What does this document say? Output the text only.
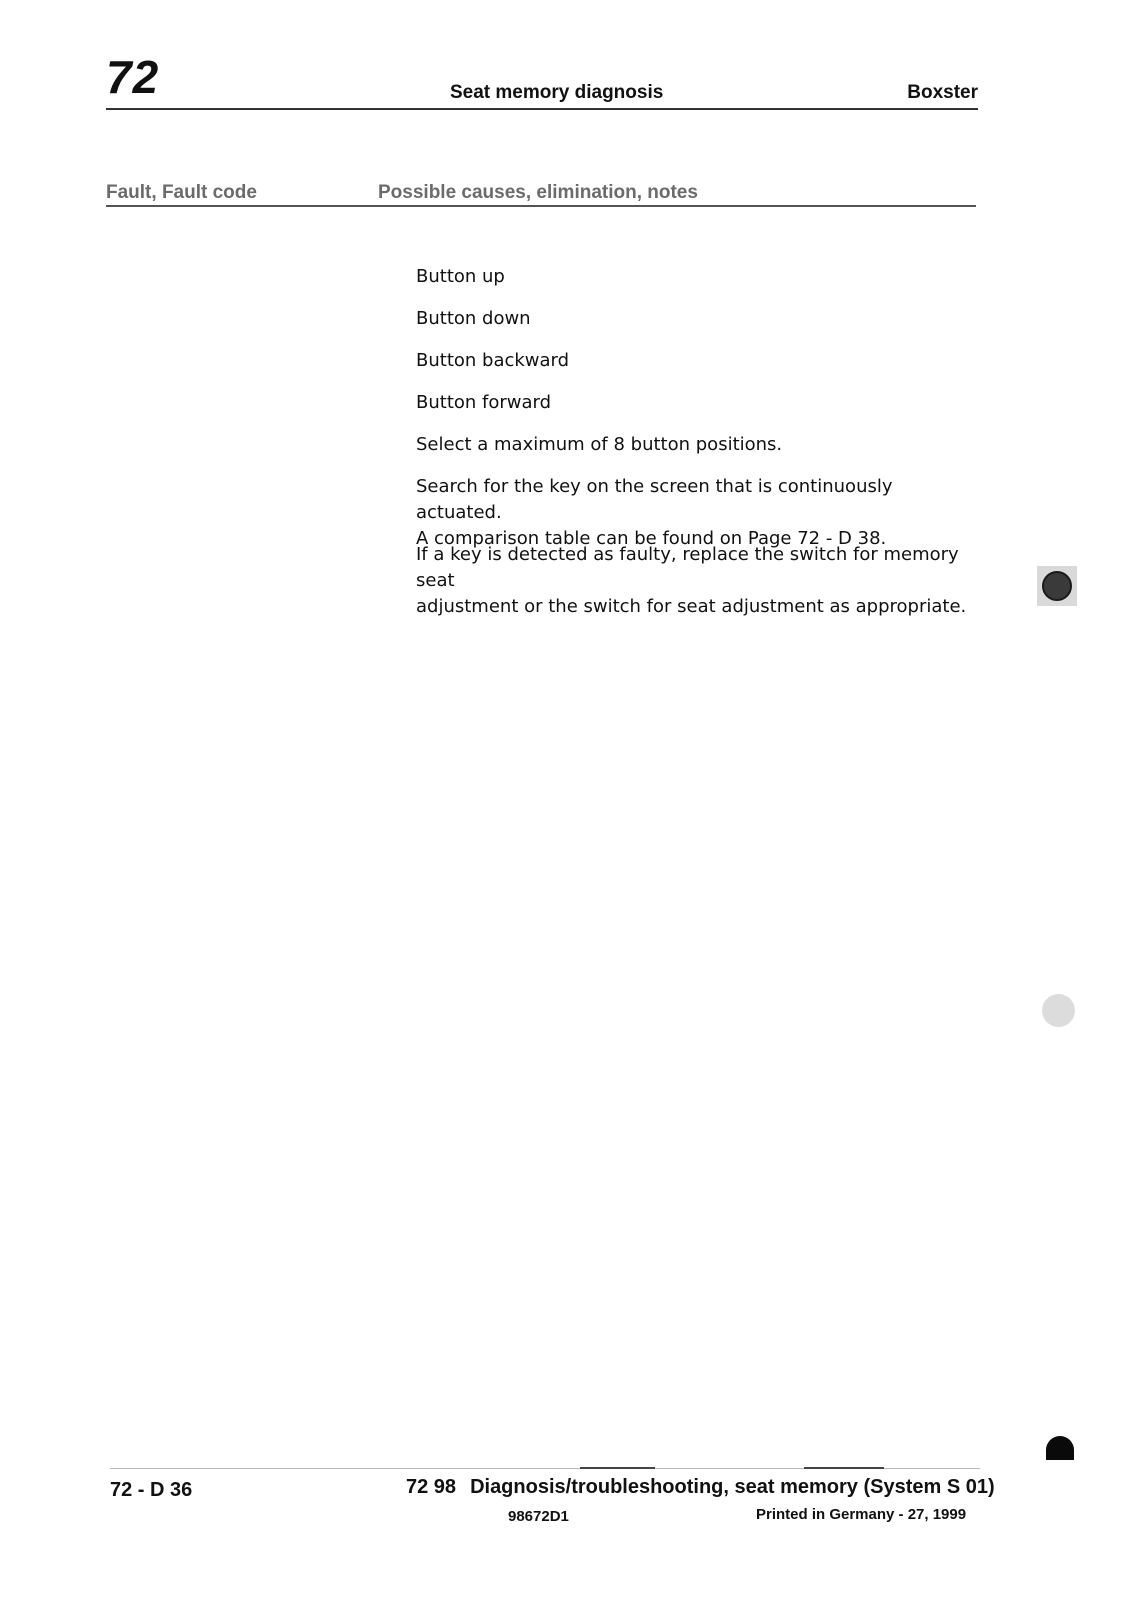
72	Seat memory diagnosis	Boxster
Fault, Fault code	Possible causes, elimination, notes
Button up
Button down
Button backward
Button forward
Select a maximum of 8 button positions.
Search for the key on the screen that is continuously actuated.
A comparison table can be found on Page 72 - D 38.
If a key is detected as faulty, replace the switch for memory seat
adjustment or the switch for seat adjustment as appropriate.
72 - D 36	72 98 Diagnosis/troubleshooting, seat memory (System S 01)
98672D1	Printed in Germany - 27, 1999
